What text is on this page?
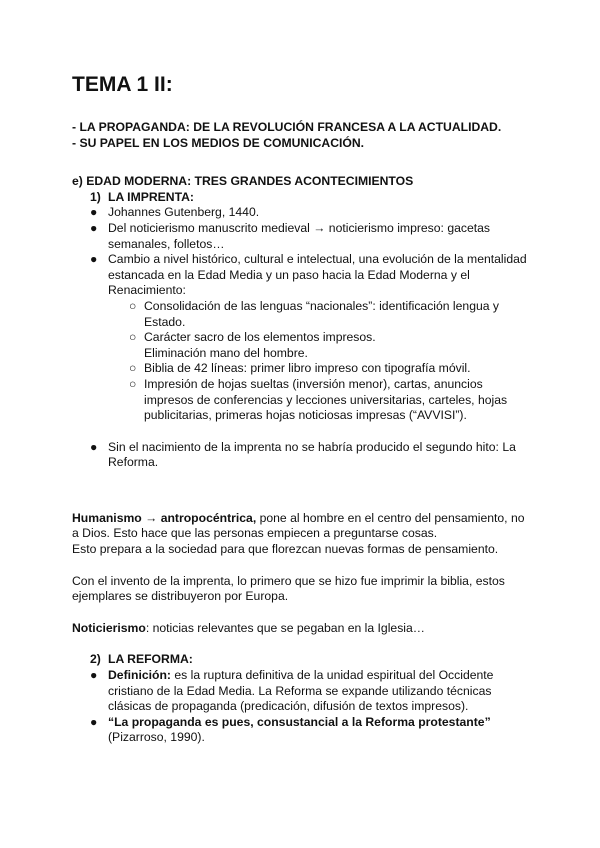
TEMA 1 II:

- LA PROPAGANDA: DE LA REVOLUCIÓN FRANCESA A LA ACTUALIDAD.

- SU PAPEL EN LOS MEDIOS DE COMUNICACIÓN.

e) EDAD MODERNA: TRES GRANDES ACONTECIMIENTOS

1) LA IMPRENTA:
● Johannes Gutenberg, 1440.
● Del noticierismo manuscrito medieval → noticierismo impreso: gacetas
semanales, folletos…
● Cambio a nivel histórico, cultural e intelectual, una evolución de la mentalidad
estancada en la Edad Media y un paso hacia la Edad Moderna y el
Renacimiento:
○ Consolidación de las lenguas “nacionales”: identificación lengua y
Estado.
○ Carácter sacro de los elementos impresos.
Eliminación mano del hombre.
○ Biblia de 42 líneas: primer libro impreso con tipografía móvil.
○ Impresión de hojas sueltas (inversión menor), cartas, anuncios
impresos de conferencias y lecciones universitarias, carteles, hojas
publicitarias, primeras hojas noticiosas impresas (“AVVISI”).
● Sin el nacimiento de la imprenta no se habría producido el segundo hito: La
Reforma.

Humanismo → antropocéntrica, pone al hombre en el centro del pensamiento, no

a Dios. Esto hace que las personas empiecen a preguntarse cosas.

Esto prepara a la sociedad para que florezcan nuevas formas de pensamiento.

Con el invento de la imprenta, lo primero que se hizo fue imprimir la biblia, estos

ejemplares se distribuyeron por Europa.

Noticierismo: noticias relevantes que se pegaban en la Iglesia…

2) LA REFORMA:
● Definición: es la ruptura definitiva de la unidad espiritual del Occidente
cristiano de la Edad Media. La Reforma se expande utilizando técnicas
clásicas de propaganda (predicación, difusión de textos impresos).
● “La propaganda es pues, consustancial a la Reforma protestante”
(Pizarroso, 1990).
